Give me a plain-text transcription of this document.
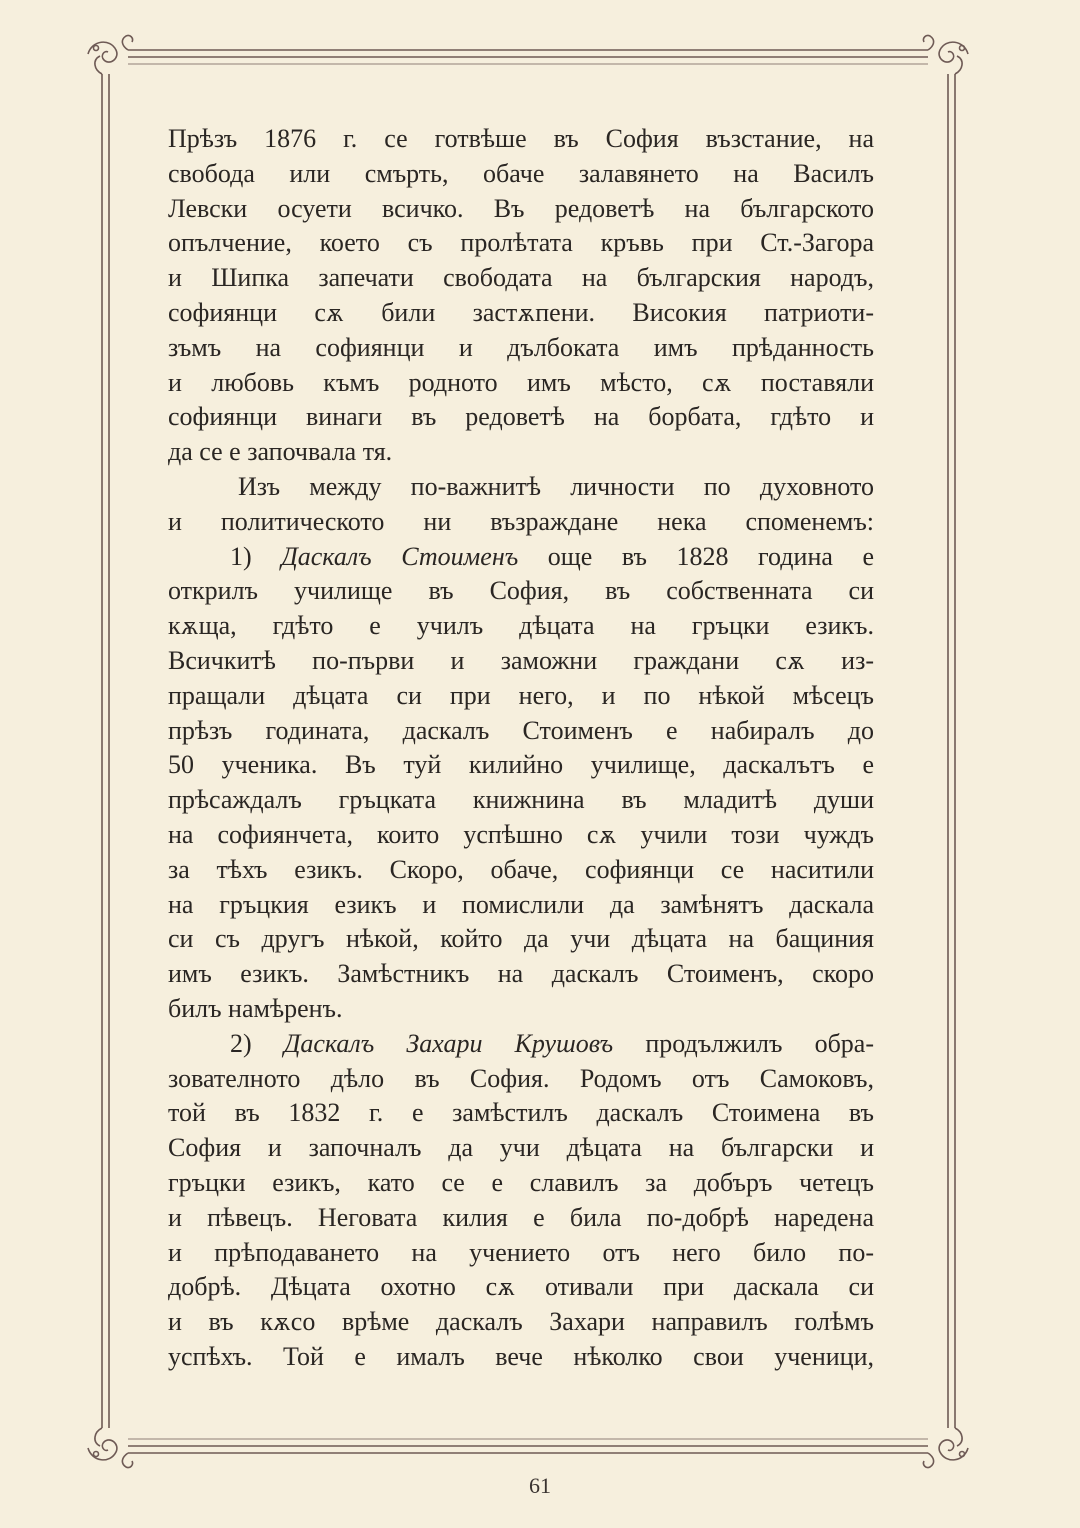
Прѣзъ 1876 г. се готвѣше въ София възстание, на
свобода или смърть, обаче залавянето на Василъ
Левски осуети всичко. Въ редоветѣ на българското
опълчение, което съ пролѣтата кръвь при Ст.-Загора
и Шипка запечати свободата на българския народъ,
софиянци сѫ били застѫпени. Високия патриоти-
зъмъ на софиянци и дълбоката имъ прѣданность
и любовь къмъ родното имъ мѣсто, сѫ поставяли
софиянци винаги въ редоветѣ на борбата, гдѣто и
да се е започвала тя.
Изъ между по-важнитѣ личности по духовното
и политическото ни възраждане нека споменемъ:
1) Даскалъ Стоименъ още въ 1828 година е
открилъ училище въ София, въ собственната си
кѫща, гдѣто е училъ дѣцата на гръцки езикъ.
Всичкитѣ по-първи и заможни граждани сѫ из-
пращали дѣцата си при него, и по нѣкой мѣсецъ
прѣзъ годината, даскалъ Стоименъ е набиралъ до
50 ученика. Въ туй килийно училище, даскалътъ е
прѣсаждалъ гръцката книжнина въ младитѣ души
на софиянчета, които успѣшно сѫ учили този чуждъ
за тѣхъ езикъ. Скоро, обаче, софиянци се наситили
на гръцкия езикъ и помислили да замѣнятъ даскала
си съ другъ нѣкой, който да учи дѣцата на бащиния
имъ езикъ. Замѣстникъ на даскалъ Стоименъ, скоро
билъ намѣренъ.
2) Даскалъ Захари Крушовъ продължилъ обра-
зователното дѣло въ София. Родомъ отъ Самоковъ,
той въ 1832 г. е замѣстилъ даскалъ Стоимена въ
София и започналъ да учи дѣцата на български и
гръцки езикъ, като се е славилъ за добъръ четецъ
и пѣвецъ. Неговата килия е била по-добрѣ наредена
и прѣподаването на учението отъ него било по-
добрѣ. Дѣцата охотно сѫ отивали при даскала си
и въ кѫсо врѣме даскалъ Захари направилъ голѣмъ
успѣхъ. Той е ималъ вече нѣколко свои ученици,
61
